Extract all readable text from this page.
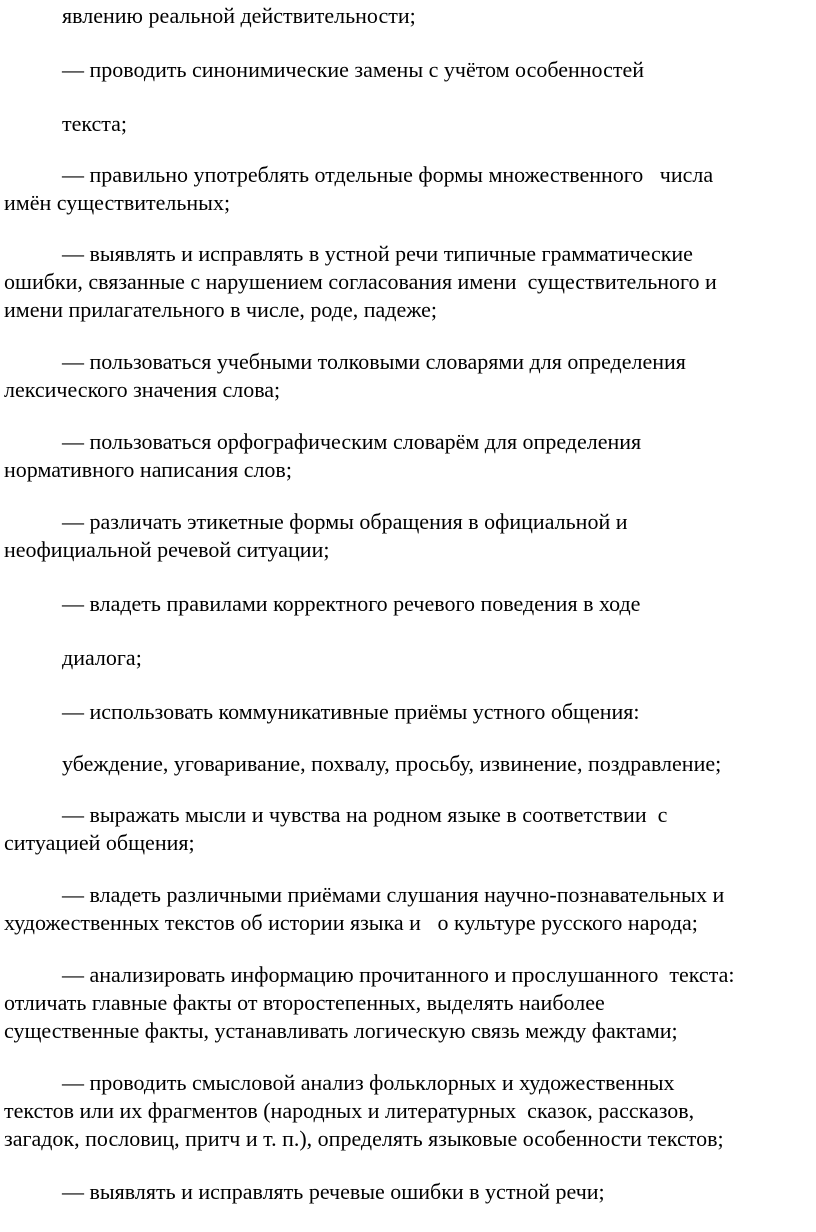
явлению реальной действительности;

— проводить синонимические замены с учётом особенностей

текста;

— правильно употреблять отдельные формы множественного   числа

имён существительных;

— выявлять и исправлять в устной речи типичные грамматические

ошибки, связанные с нарушением согласования имени  существительного и

имени прилагательного в числе, роде, падеже;

— пользоваться учебными толковыми словарями для определения

лексического значения слова;

— пользоваться орфографическим словарём для определения

нормативного написания слов;

— различать этикетные формы обращения в официальной и

неофициальной речевой ситуации;

— владеть правилами корректного речевого поведения в ходе

диалога;

— использовать коммуникативные приёмы устного общения:

убеждение, уговаривание, похвалу, просьбу, извинение, поздравление;

— выражать мысли и чувства на родном языке в соответствии  с

ситуацией общения;

— владеть различными приёмами слушания научно-познавательных и

художественных текстов об истории языка и   о культуре русского народа;

— анализировать информацию прочитанного и прослушанного  текста:

отличать главные факты от второстепенных, выделять наиболее

существенные факты, устанавливать логическую связь между фактами;

— проводить смысловой анализ фольклорных и художественных

текстов или их фрагментов (народных и литературных  сказок, рассказов,

загадок, пословиц, притч и т. п.), определять языковые особенности текстов;

— выявлять и исправлять речевые ошибки в устной речи;
